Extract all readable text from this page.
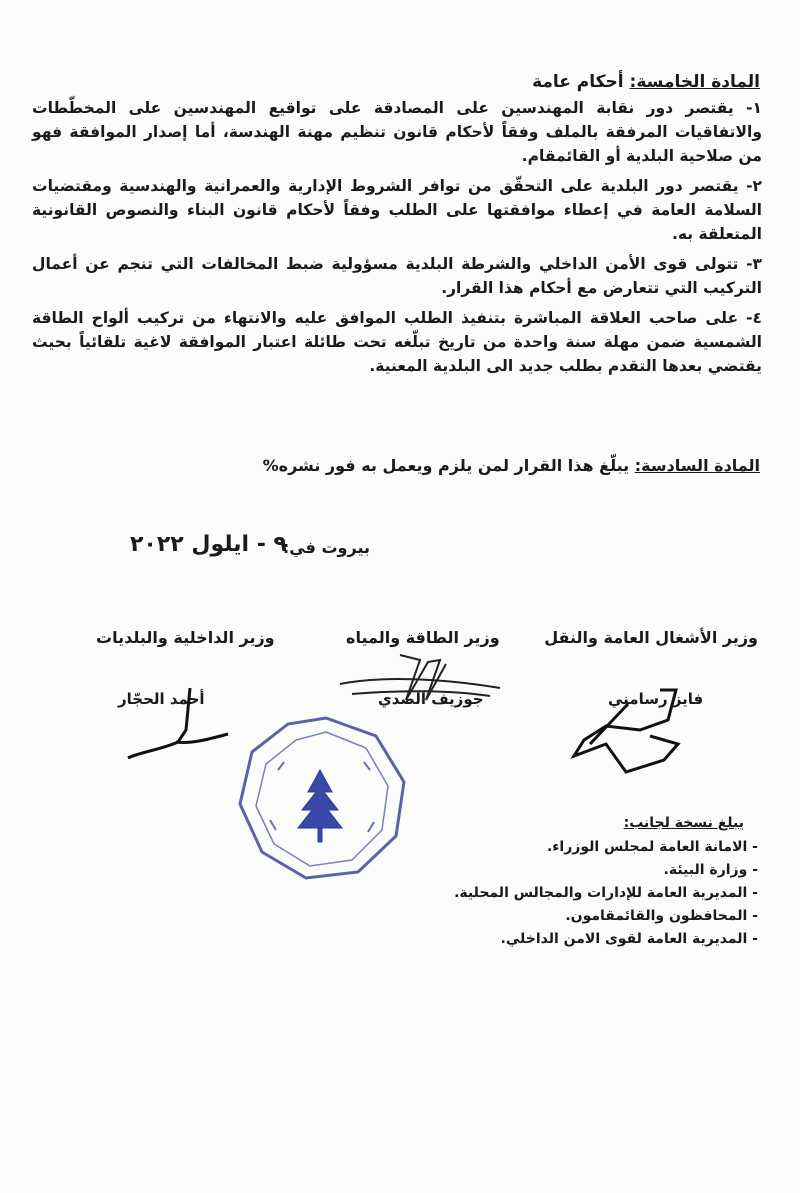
المادة الخامسة: أحكام عامة

١- يقتصر دور نقابة المهندسين على المصادقة على تواقيع المهندسين على المخطّطات والاتفاقيات المرفقة بالملف وفقاً لأحكام قانون تنظيم مهنة الهندسة، أما إصدار الموافقة فهو من صلاحية البلدية أو القائمقام.

٢- يقتصر دور البلدية على التحقّق من توافر الشروط الإدارية والعمرانية والهندسية ومقتضيات السلامة العامة في إعطاء موافقتها على الطلب وفقاً لأحكام قانون البناء والنصوص القانونية المتعلقة به.

٣- تتولى قوى الأمن الداخلي والشرطة البلدية مسؤولية ضبط المخالفات التي تنجم عن أعمال التركيب التي تتعارض مع أحكام هذا القرار.

٤- على صاحب العلاقة المباشرة بتنفيذ الطلب الموافق عليه والانتهاء من تركيب ألواح الطاقة الشمسية ضمن مهلة سنة واحدة من تاريخ تبلّغه تحت طائلة اعتبار الموافقة لاغية تلقائياً بحيث يقتضي بعدها التقدم بطلب جديد الى البلدية المعنية.

المادة السادسة: يبلّغ هذا القرار لمن يلزم ويعمل به فور نشره%
بيروت في:
٩ - ايلول ٢٠٢٢
وزير الداخلية والبلديات	وزير الطاقة والمياه	وزير الأشغال العامة والنقل
أحمد الحجّار	جوزيف الصدي	فايز رسامني
يبلغ نسخة لجانب:
- الامانة العامة لمجلس الوزراء.
- وزارة البيئة.
- المديرية العامة للإدارات والمجالس المحلية.
- المحافظون والقائمقامون.
- المديرية العامة لقوى الامن الداخلي.
